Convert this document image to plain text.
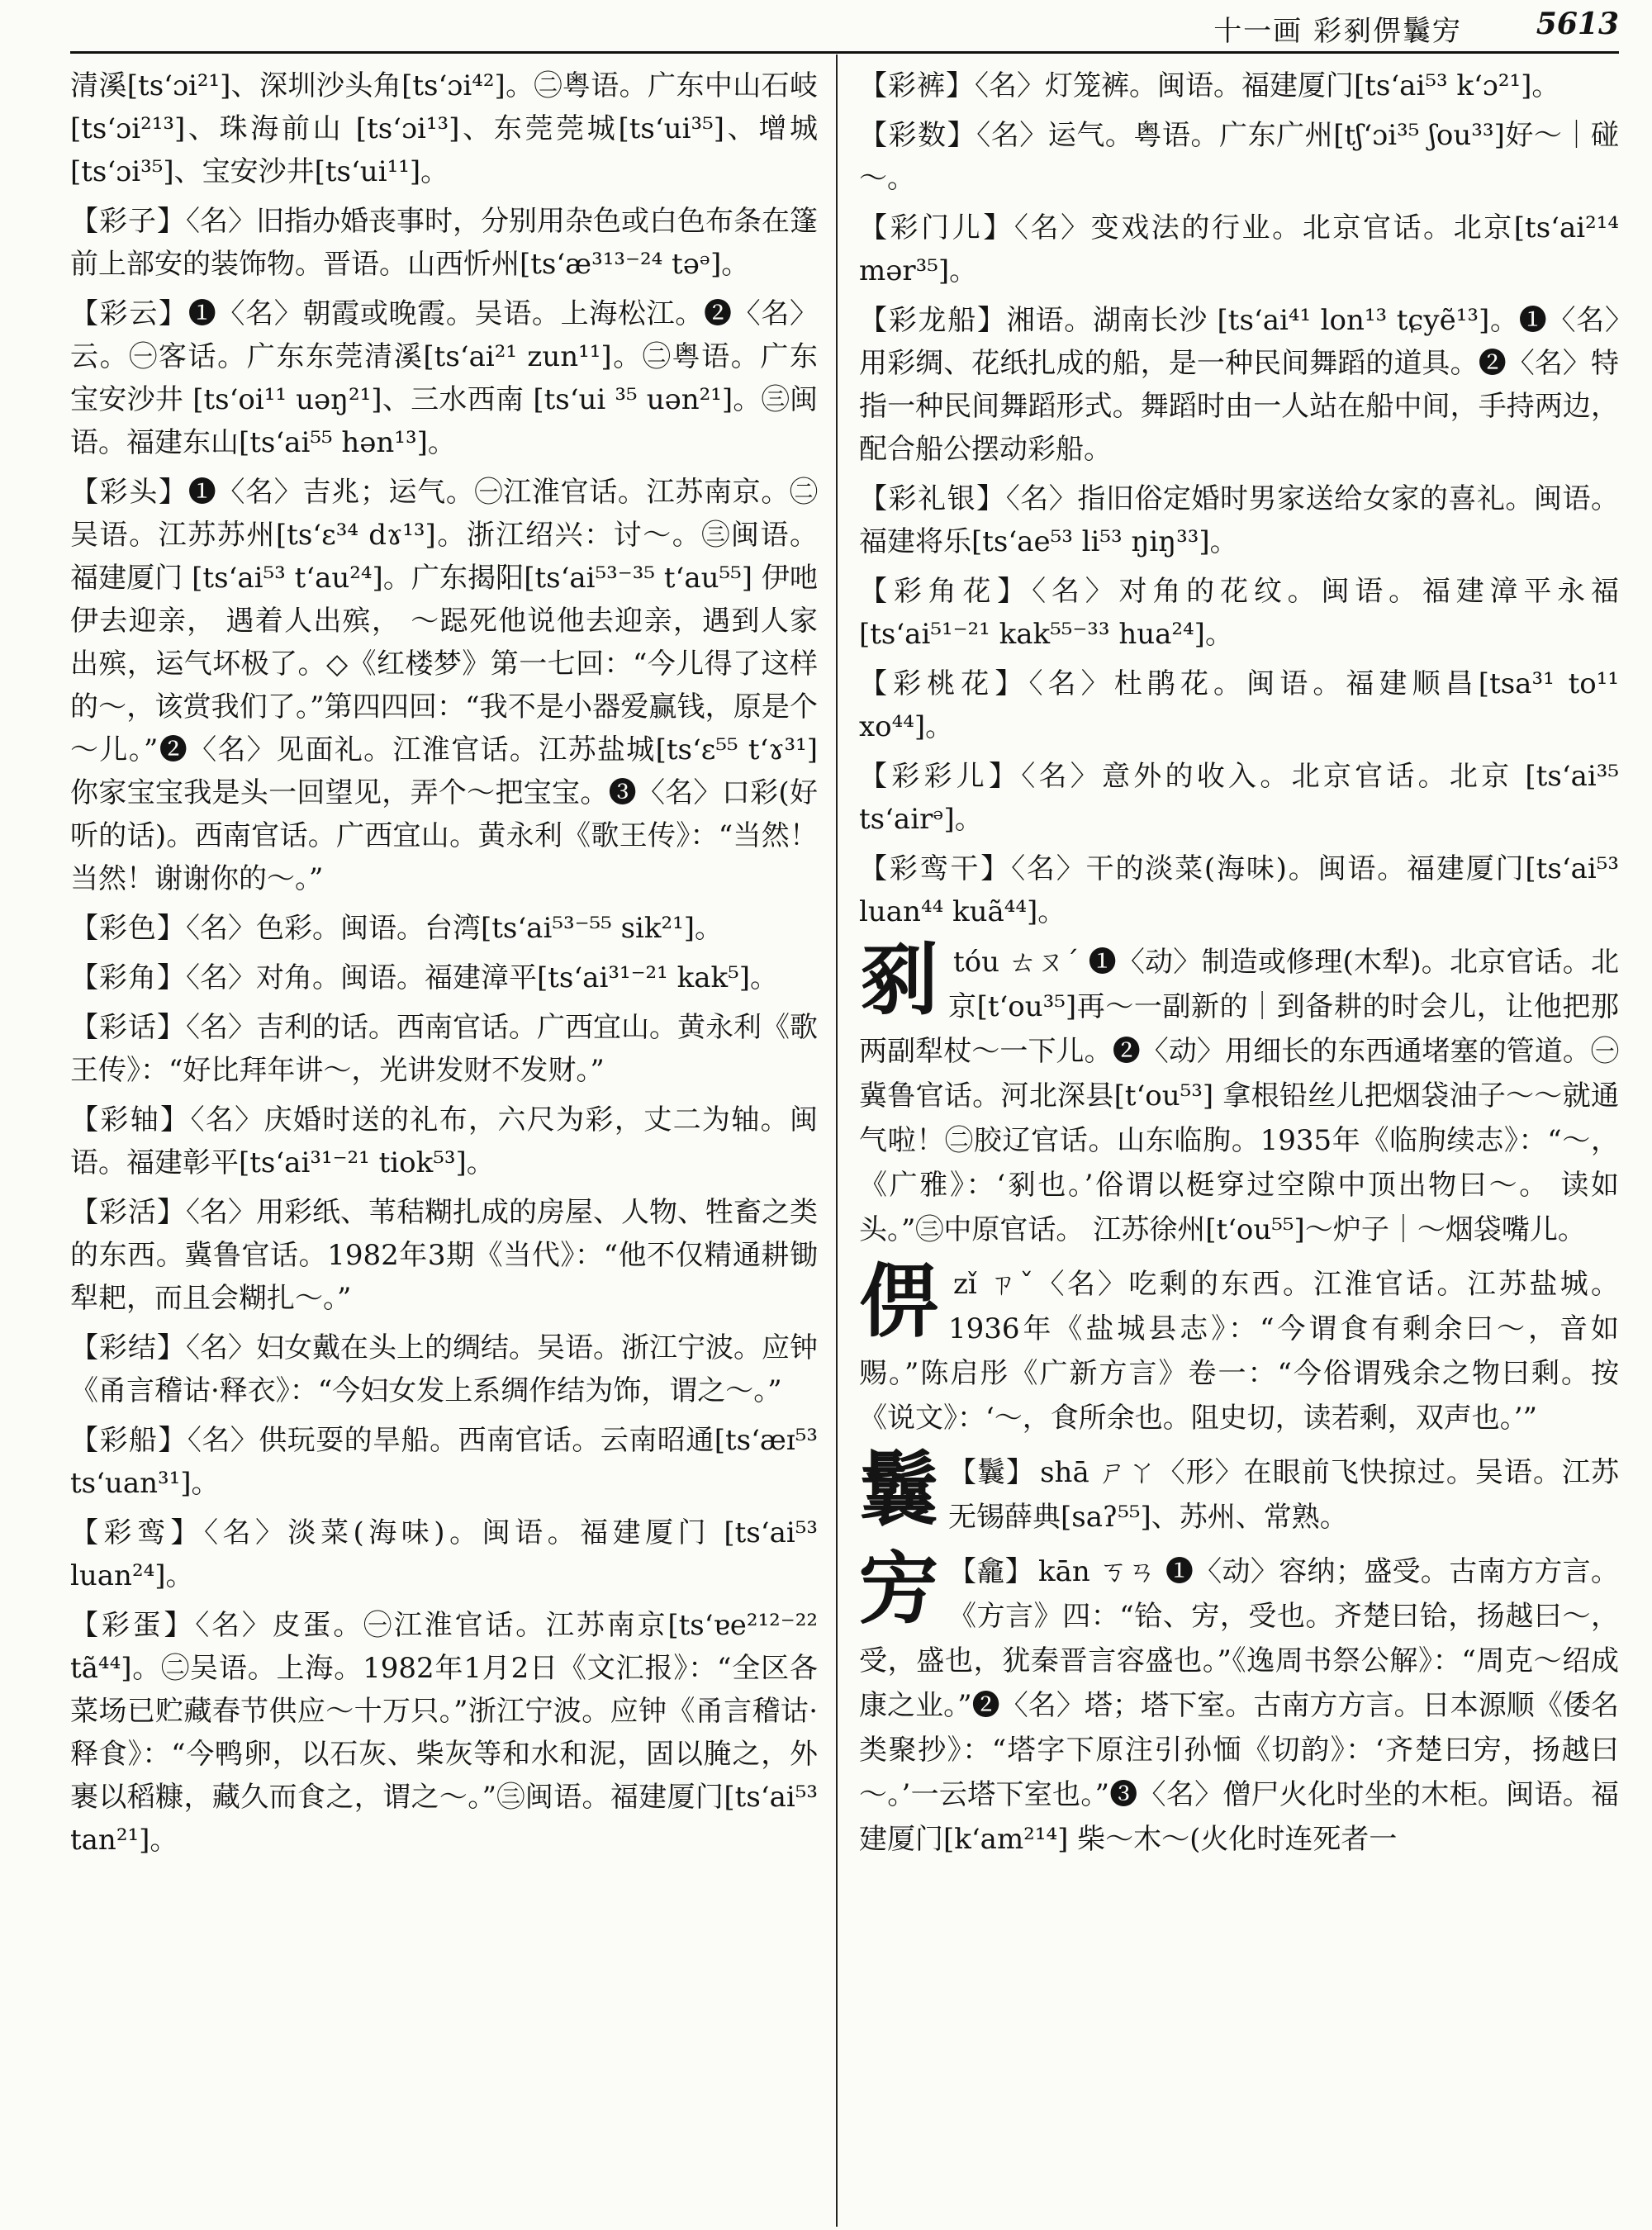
十一画 彩剢㑭鬤㝑 5613

清溪[tsʻɔi²¹]、深圳沙头角[tsʻɔi⁴²]。㊁粤语。广东中山石岐[tsʻɔi²¹³]、珠海前山 [tsʻɔi¹³]、东莞莞城[tsʻui³⁵]、增城[tsʻɔi³⁵]、宝安沙井[tsʻui¹¹]。

【彩子】〈名〉旧指办婚丧事时，分别用杂色或白色布条在篷前上部安的装饰物。晋语。山西忻州[tsʻæ³¹³⁻²⁴ təᵊ]。

【彩云】❶〈名〉朝霞或晚霞。吴语。上海松江。❷〈名〉云。㊀客话。广东东莞清溪[tsʻai²¹ zun¹¹]。㊁粤语。广东宝安沙井 [tsʻoi¹¹ uəŋ²¹]、三水西南 [tsʻui ³⁵ uən²¹]。㊂闽语。福建东山[tsʻai⁵⁵ hən¹³]。

【彩头】❶〈名〉吉兆；运气。㊀江淮官话。江苏南京。㊁吴语。江苏苏州[tsʻɛ³⁴ dɤ¹³]。浙江绍兴：讨～。㊂闽语。福建厦门 [tsʻai⁵³ tʻau²⁴]。广东揭阳[tsʻai⁵³⁻³⁵ tʻau⁵⁵] 伊吔伊去迎亲， 遇着人出殡， ～跽死他说他去迎亲，遇到人家出殡，运气坏极了。◇《红楼梦》第一七回：“今儿得了这样的～，该赏我们了。”第四四回：“我不是小器爱赢钱，原是个～儿。”❷〈名〉见面礼。江淮官话。江苏盐城[tsʻɛ⁵⁵ tʻɤ³¹]你家宝宝我是头一回望见，弄个～把宝宝。❸〈名〉口彩(好听的话)。西南官话。广西宜山。黄永利《歌王传》：“当然！当然！谢谢你的～。”

【彩色】〈名〉色彩。闽语。台湾[tsʻai⁵³⁻⁵⁵ sik²¹]。

【彩角】〈名〉对角。闽语。福建漳平[tsʻai³¹⁻²¹ kak⁵]。

【彩话】〈名〉吉利的话。西南官话。广西宜山。黄永利《歌王传》：“好比拜年讲～，光讲发财不发财。”

【彩轴】〈名〉庆婚时送的礼布，六尺为彩，丈二为轴。闽语。福建彰平[tsʻai³¹⁻²¹ tiok⁵³]。

【彩活】〈名〉用彩纸、苇秸糊扎成的房屋、人物、牲畜之类的东西。冀鲁官话。1982年3期《当代》：“他不仅精通耕锄犁耙，而且会糊扎～。”

【彩结】〈名〉妇女戴在头上的绸结。吴语。浙江宁波。应钟《甬言稽诂·释衣》：“今妇女发上系绸作结为饰，谓之～。”

【彩船】〈名〉供玩耍的旱船。西南官话。云南昭通[tsʻæɪ⁵³ tsʻuan³¹]。

【彩鸾】〈名〉淡菜(海味)。闽语。福建厦门 [tsʻai⁵³ luan²⁴]。

【彩蛋】〈名〉皮蛋。㊀江淮官话。江苏南京[tsʻɐe²¹²⁻²² tã⁴⁴]。㊁吴语。上海。1982年1月2日《文汇报》：“全区各菜场已贮藏春节供应～十万只。”浙江宁波。应钟《甬言稽诂·释食》：“今鸭卵，以石灰、柴灰等和水和泥，固以腌之，外裹以稻糠，藏久而食之，谓之～。”㊂闽语。福建厦门[tsʻai⁵³ tan²¹]。

【彩裤】〈名〉灯笼裤。闽语。福建厦门[tsʻai⁵³ kʻɔ²¹]。

【彩数】〈名〉运气。粤语。广东广州[tʃʻɔi³⁵ ʃou³³]好～｜碰～。

【彩门儿】〈名〉变戏法的行业。北京官话。北京[tsʻai²¹⁴ mər³⁵]。

【彩龙船】湘语。湖南长沙 [tsʻai⁴¹ lon¹³ tɕyẽ¹³]。❶〈名〉用彩绸、花纸扎成的船，是一种民间舞蹈的道具。❷〈名〉特指一种民间舞蹈形式。舞蹈时由一人站在船中间，手持两边，配合船公摆动彩船。

【彩礼银】〈名〉指旧俗定婚时男家送给女家的喜礼。闽语。福建将乐[tsʻae⁵³ li⁵³ ŋiŋ³³]。

【彩角花】〈名〉对角的花纹。闽语。福建漳平永福[tsʻai⁵¹⁻²¹ kak⁵⁵⁻³³ hua²⁴]。

【彩桃花】〈名〉杜鹃花。闽语。福建顺昌[tsa³¹ to¹¹ xo⁴⁴]。

【彩彩儿】〈名〉意外的收入。北京官话。北京 [tsʻai³⁵ tsʻairᵊ]。

【彩鸾干】〈名〉干的淡菜(海味)。闽语。福建厦门[tsʻai⁵³ luan⁴⁴ kuã⁴⁴]。

剢tóu ㄊㄡˊ ❶〈动〉制造或修理(木犁)。北京官话。北京[tʻou³⁵]再～一副新的｜到备耕的时会儿，让他把那两副犁杖～一下儿。❷〈动〉用细长的东西通堵塞的管道。㊀冀鲁官话。河北深县[tʻou⁵³] 拿根铅丝儿把烟袋油子～～就通气啦！㊁胶辽官话。山东临朐。1935年《临朐续志》：“～，《广雅》：‘剢也。’俗谓以梃穿过空隙中顶出物曰～。 读如头。”㊂中原官话。 江苏徐州[tʻou⁵⁵]～炉子｜～烟袋嘴儿。

㑭zǐ ㄗˇ〈名〉吃剩的东西。江淮官话。江苏盐城。1936年《盐城县志》：“今谓食有剩余曰～，音如赐。”陈启彤《广新方言》卷一：“今俗谓残余之物曰剩。按《说文》：‘～，食所余也。阻史切，读若剩，双声也。’”

鬤 【鬤】 shā ㄕㄚ〈形〉在眼前飞快掠过。吴语。江苏无锡薛典[saʔ⁵⁵]、苏州、常熟。

㝑 【龕】 kān ㄎㄢ ❶〈动〉容纳；盛受。古南方方言。《方言》四：“铪、㝑，受也。齐楚曰铪，扬越曰～，受，盛也，犹秦晋言容盛也。”《逸周书祭公解》：“周克～绍成康之业。”❷〈名〉塔；塔下室。古南方方言。日本源顺《倭名类聚抄》：“塔字下原注引孙愐《切韵》：‘齐楚曰㝑，扬越曰～。’一云塔下室也。”❸〈名〉僧尸火化时坐的木柜。闽语。福建厦门[kʻam²¹⁴] 柴～木～(火化时连死者一
